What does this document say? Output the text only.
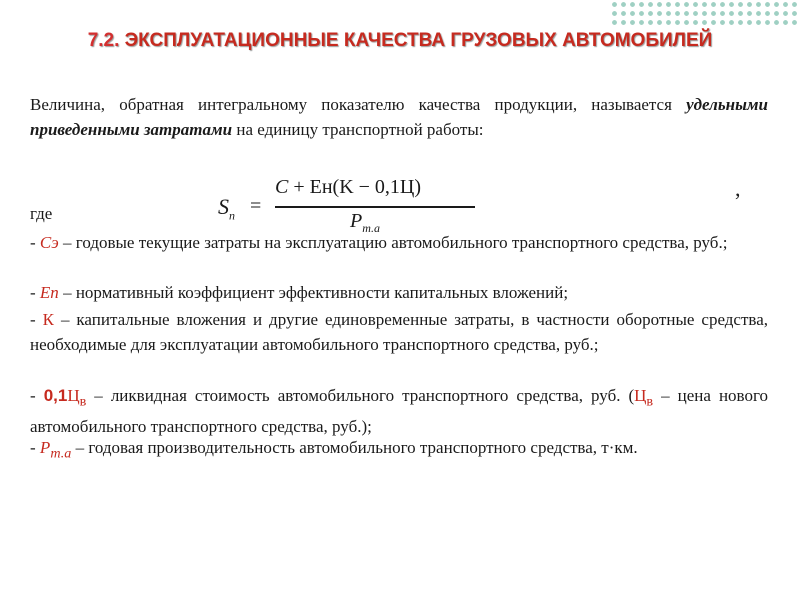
7.2. ЭКСПЛУАТАЦИОННЫЕ КАЧЕСТВА ГРУЗОВЫХ АВТОМОБИЛЕЙ
Величина, обратная интегральному показателю качества продукции, называется удельными приведенными затратами на единицу транспортной работы:
$S_п$ =
C + Eн(K − 0,1Ц)
$P_{т.а}$
,
где
- Cэ – годовые текущие затраты на эксплуатацию автомобильного транспортного средства, руб.;
- Eп – нормативный коэффициент эффективности капитальных вложений;
- К – капитальные вложения и другие единовременные затраты, в частности оборотные средства, необходимые для эксплуатации автомобильного транспортного средства, руб.;
- $0,1Ц_в$ – ликвидная стоимость автомобильного транспортного средства, руб. ($Ц_в$ – цена нового автомобильного транспортного средства, руб.);
- $P_{т.а}$ – годовая производительность автомобильного транспортного средства, т·км.
